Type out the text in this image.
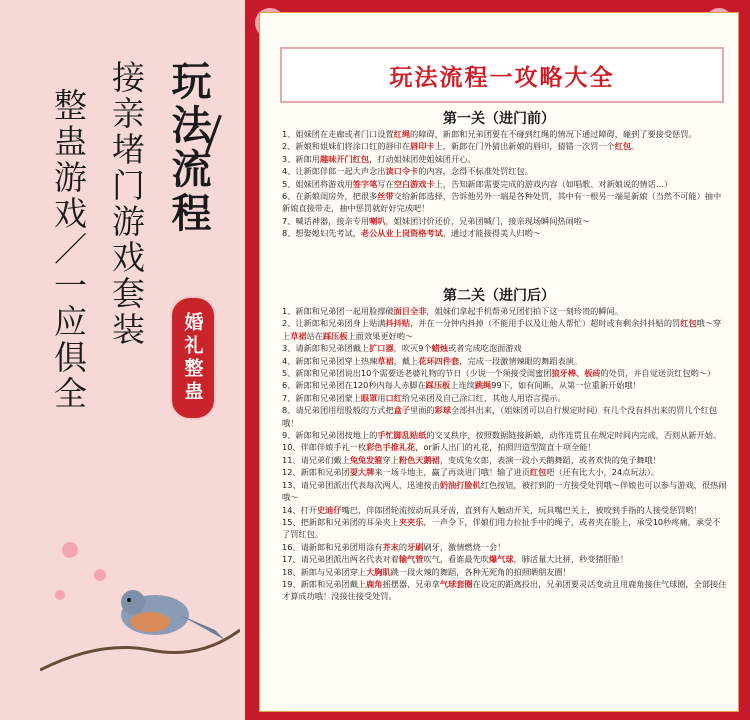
玩法流程
接亲堵门游戏套装
整蛊游戏／一应俱全	婚礼整蛊
玩法流程一攻略大全
第一关（进门前）

1、姐妹团在走廊或者门口设置红绳的障碍，新郎和兄弟团要在不碰到红绳的情况下通过障碍，碰到了要接受惩罚。

2、新娘和姐妹们将涂口红的唇印在唇印卡上，新郎在门外猜出新娘的唇印，猜错一次罚一个红包。

3、新郎用趣味开门红包，打动姐妹团使姐妹团开心。

4、让新郎伴郎一起大声念出读口令卡的内容，念得不标准处罚红包。

5、姐妹团将游戏用签字笔写在空白游戏卡上，告知新郎需要完成的游戏内容（如唱歌、对新娘说的情话…）

6、在新娘闺房外，把很多丝带交给新郎选择，告诉他另外一端是各种处罚，其中有一根另一端是新娘（当然不可能）抽中新娘直接带走，抽中惩罚就好好完成吧！

7、喊话神器，接亲专用喇叭，姐妹团讨价还价，兄弟团喊门，接亲现场瞬间热闹啦～

8、想娶媳妇先考试，老公从业上岗资格考试，通过才能接得美人归哟～

第二关（进门后）

1、新郎和兄弟团一起用脸撑破面目全非，姐妹们拿起手机帮弟兄团们拍下这一刻珍贵的瞬间。

2、让新郎和兄弟团身上贴满抖抖贴，并在一分钟内抖掉（不能用手以及让他人帮忙）超时或有剩余抖抖贴的罚红包哦～穿上草裙站在踩压板上面效果更好哟～

3、请新郎和兄弟团戴上扩口器，吹灭9个蜡烛或者完成吃泡面游戏

4、新郎和兄弟团穿上热辣草裙，戴上花环四件套，完成一段激情辣眼的舞蹈表演。

5、新郎和兄弟团说出10个需要送老婆礼物的节日（少说一个须接受闺蜜团狼牙棒、板砖的处罚，并自觉送贡红包哟～）

6、新郎和兄弟团在120秒内每人赤脚在踩压板上连续跳绳99下，如有间断，从第一位重新开始哦！

7、新郎和兄弟团蒙上眼罩用口红给兄弟团及自己涂口红，其他人用语言提示。

8、请兄弟团用纽股般的方式把盒子里面的彩球全部抖出来，（姐妹团可以自行规定时间）有几个没有抖出来的罚几个红包哦！

9、新郎和兄弟团按地上的手忙脚乱贴纸的交叉秩序，按照数据链接新娘，动作连贯且在规定时间内完成，否则从新开始。

10、伴郎伴娘手礼一枚彩色手推礼花，or新人出门的礼花，拍照凹造型简直十项全能！

11、请兄弟们戴上兔兔发箍穿上粉色天鹅裙，变成兔女郎，表演一段小天鹅舞蹈，或者欢快的兔子舞哦！

12、新郎和兄弟团耍大牌来一场斗地主，赢了再谈进门哦！输了进贡红包吧（还有比大小，24点玩法）。

13、请兄弟团派出代表每次两人，迅速按击奶油打脸机红色按钮，被打到的一方接受处罚哦～伴娘也可以参与游戏，很热闹哦～

14、打开史迪仔嘴巴，伴郎团轮流按动玩具牙齿，直到有人触动开关，玩具嘴巴关上，被咬到手指的人接受惩罚哟！

15、把新郎和兄弟团的耳朵夹上夹夹乐，一声令下，伴娘们用力拉扯手中的绳子，或者夹在脸上，承受10秒疼痛，承受不了罚红包。

16、请新郎和兄弟团用涂有芥末的牙刷刷牙，激情燃烧一会！

17、请兄弟团派出两名代表对着输气管吹气，看谁最先吹爆气球，肺活量大比拼，秒变猪肝脸！

18、新郎与兄弟团穿上大胸肌跳一段火辣的舞蹈，各种无死角的拍照晒朋友圈！

19、新郎和兄弟团戴上鹿角摇摆器，兄弟拿气球套圈在设定的距离投出，兄弟团要灵活变动且用鹿角接住气球圈，全部接住才算成功哦！没接住接受处罚。
